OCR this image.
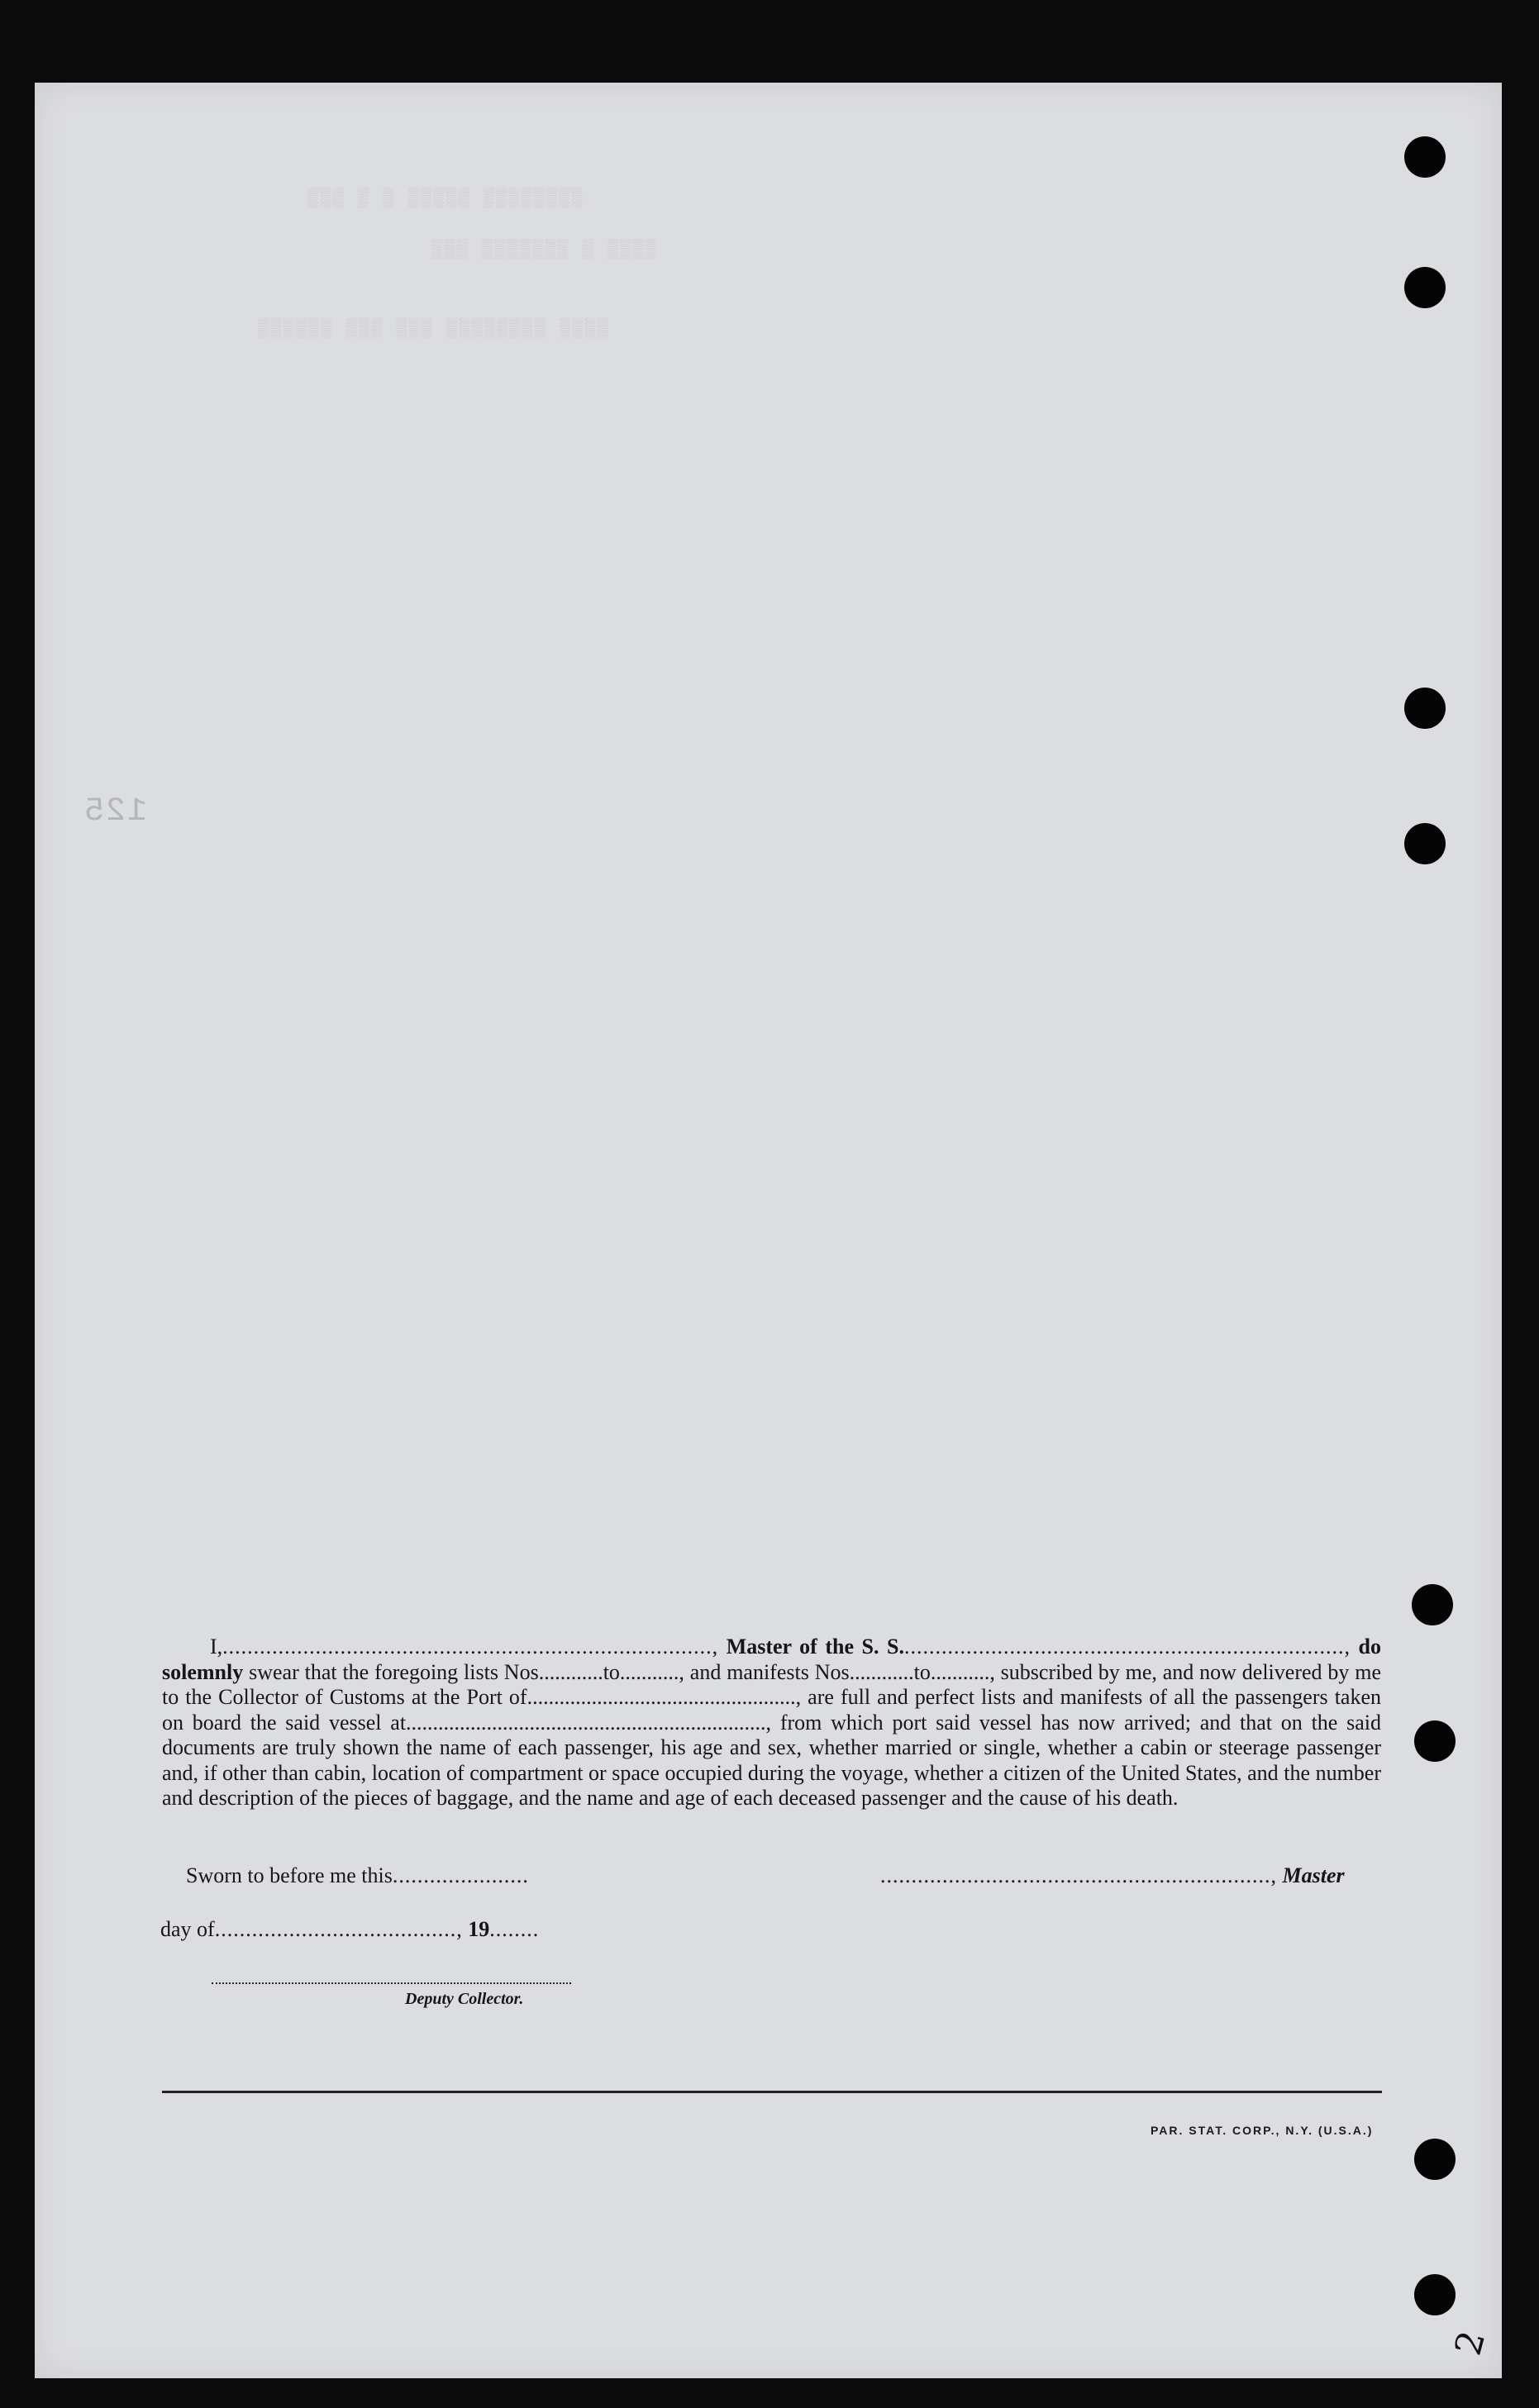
▒▒▒ ▒ ▒ ▒▒▒▒▒ ▒▒▒▒▒▒▒▒
▒▒▒ ▒▒▒▒▒▒▒ ▒ ▒▒▒▒
▒▒▒▒▒▒ ▒▒▒ ▒▒▒ ▒▒▒▒▒▒▒▒ ▒▒▒▒
125

I,..............................................................................., Master of the S. S........................................................................, do solemnly swear that the foregoing lists Nos............to..........., and manifests Nos............to..........., subscribed by me, and now delivered by me to the Collector of Customs at the Port of.................................................., are full and perfect lists and manifests of all the passengers taken on board the said vessel at..................................................................., from which port said vessel has now arrived; and that on the said documents are truly shown the name of each passenger, his age and sex, whether married or single, whether a cabin or steerage passenger and, if other than cabin, location of compartment or space occupied during the voyage, whether a citizen of the United States, and the number and description of the pieces of baggage, and the name and age of each deceased passenger and the cause of his death.

Sworn to before me this......................	..............................................................., Master
day of......................................., 19........
Deputy Collector.
PAR. STAT. CORP., N.Y. (U.S.A.)
2
